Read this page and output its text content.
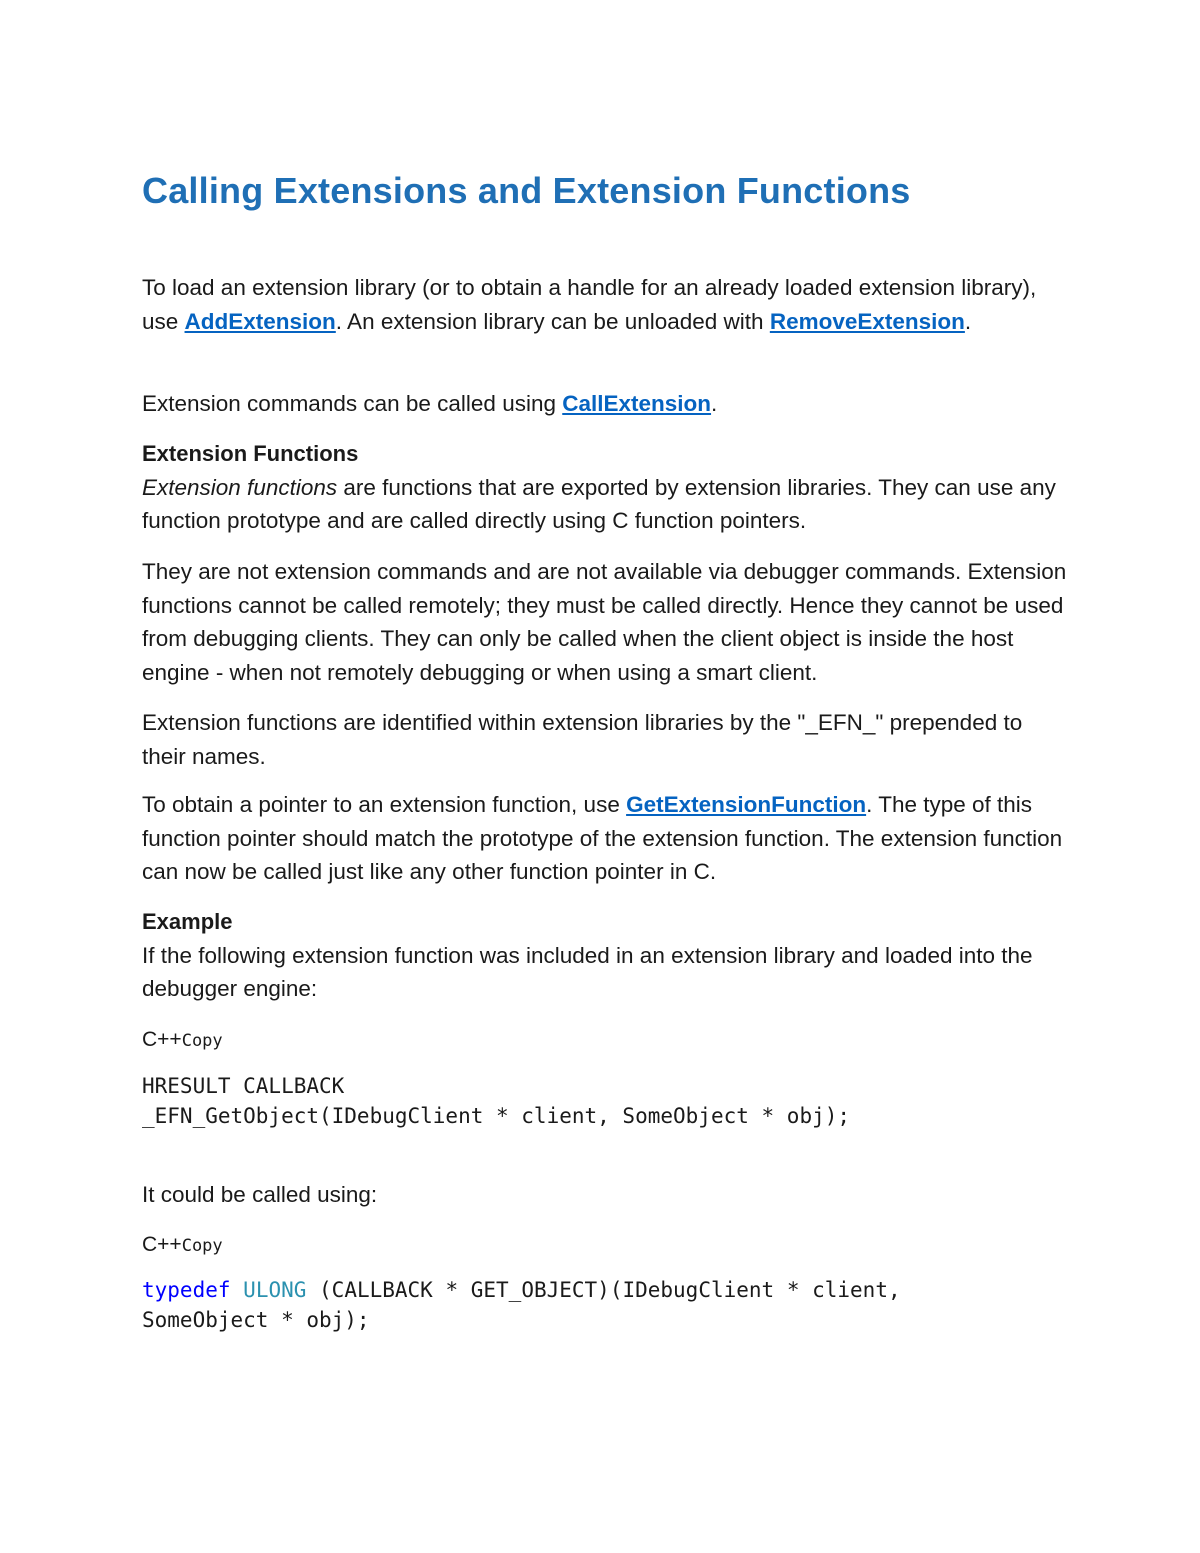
Calling Extensions and Extension Functions

To load an extension library (or to obtain a handle for an already loaded extension library), use AddExtension. An extension library can be unloaded with RemoveExtension.

Extension commands can be called using CallExtension.

Extension Functions
Extension functions are functions that are exported by extension libraries. They can use any function prototype and are called directly using C function pointers.

They are not extension commands and are not available via debugger commands. Extension functions cannot be called remotely; they must be called directly. Hence they cannot be used from debugging clients. They can only be called when the client object is inside the host engine - when not remotely debugging or when using a smart client.

Extension functions are identified within extension libraries by the "_EFN_" prepended to their names.

To obtain a pointer to an extension function, use GetExtensionFunction. The type of this function pointer should match the prototype of the extension function. The extension function can now be called just like any other function pointer in C.

Example
If the following extension function was included in an extension library and loaded into the debugger engine:

C++Copy
HRESULT CALLBACK
_EFN_GetObject(IDebugClient * client, SomeObject * obj);

It could be called using:

C++Copy
typedef ULONG (CALLBACK * GET_OBJECT)(IDebugClient * client,
SomeObject * obj);
